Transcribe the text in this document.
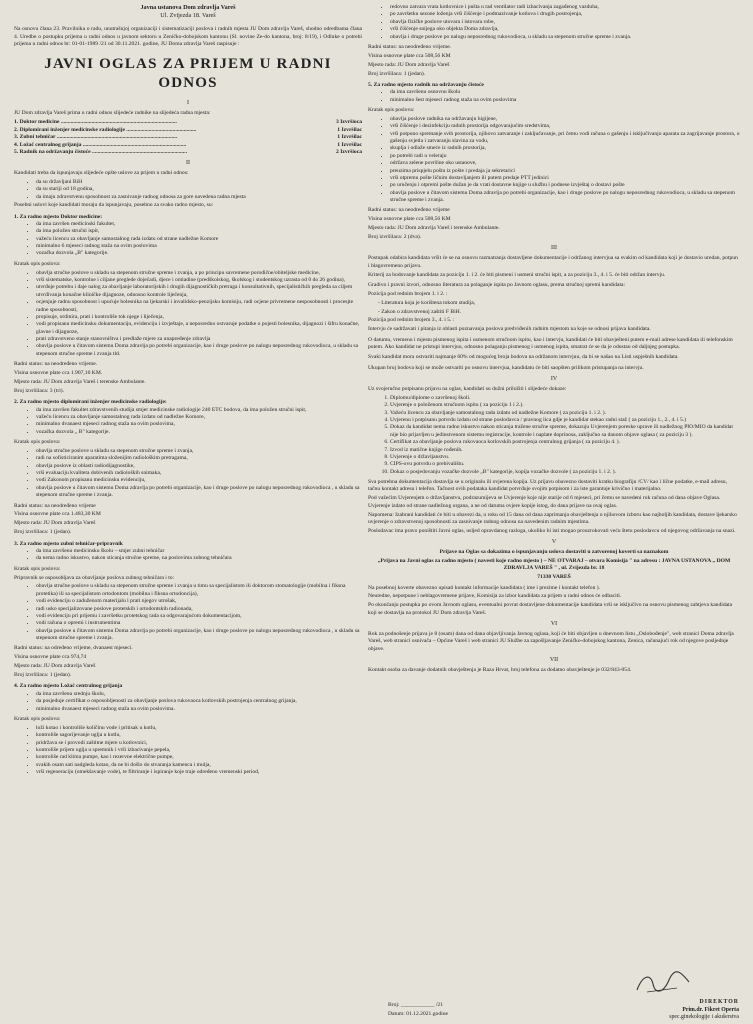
Javna ustanova Dom zdravlja Vareš
Ul. Zvijezda 18. Vareš

Na osnovu člana 23. Pravilnika o radu, unutrašnjoj organizaciji i sistematizaciji poslova i radnih mjesta JU Dom zdravlja Vareš, shodno odredbama člana 4. Uredbe o postupku prijema u radni odnos u javnom sektoru u Zeničko-dobojskom kantonu (Sl. novine Ze-do kantona, broj: 8/19), i Odluke o potrebi prijema u radni odnos br: 01-01-1989 /21 od 30.11.2021. godine, JU Doma zdravlja Vareš raspisuje :

JAVNI OGLAS ZA PRIJEM U RADNI ODNOS
I

JU Dom zdravlja Vareš prima u radni odnos slijedeće radnike na slijedeća radna mjesta:

1. Doktor medicine ...................................................................................	3 Izvršioca
2. Diplomirani inženjer medicinske radiologije ..................................................	1 Izvršilac
3. Zubni tehničar ......................................................................................	1 Izvršilac
4. Ložač centralnog grijanja ..........................................................................	1 Izvršilac
5. Radnik na održavanju čistoće ....................................................................	2 Izvršioca
II

Kandidati treba da ispunjavaju slijedeće opšte uslove za prijem u radni odnos:

• da su državljani BiH
• da su stariji od 18 godina,
• da imaju zdravstvenu sposobnost za zasnivanje radnog odnosa za gore navedena radna mjesta

Posebni uslovi koje kandidati moraju da ispunjavaju, posebno za svako radno mjesto, su:

1. Za radno mjesto Doktor medicine:
• da ima završen medicinski fakultet,
• da ima položen stručni ispit,
• važeću licencu za obavljanje samostalnog rada izdatu od strane nadležne Komore
• minimalno 6 mjeseci radnog staža na ovim poslovima
• vozačka dozvola „B" kategorije.

Kratak opis poslova:

• obavlja stručne poslove u skladu sa stepenom stručne spreme i zvanja, a po principu savremene porodične/obiteljske medicine,
• vrši sistematske, kontrolne i ciljane preglede doječadi, djece i omladine (predškolskog, školskog i studentskog uzrasta od 0 do 26 godina),
• utvrđuje potrebu i daje nalog za obavljanje laboratorijskih i drugih dijagnostičkih pretraga i konsultativnih, specijalističkih pregleda sa ciljem utvrđivanja konačne kliničke dijagnoze, odnosno kontrole liječenja,
• ocjenjuje radnu sposobnost i upućuje bolesnika na ljekarski i invalidsko-penzijsku komisiju, radi ocjene privremene nesposobnosti i procesjte radne sposobnosti,
• propisuje, ordinira, prati i kontroliše tok njege i liječenja,
• vodi propisanu medicinsku dokumentaciju, evidenciju i izvještaje, a neposredno ostvaruje podatke o pojesti bolesnika, dijagnozi i šifru konačne, glavne i dijagnoze,
• prati zdravstveno stanje stanovništva i predlaže mjere za unapređenje zdravlja
• obavlja poslove u čitavom sistemu Doma zdravlja po potrebi organizacije, kao i druge poslove po nalogu neposrednog rukovodioca, u skladu sa stepenom stručne spreme i zvanja tld.

Radni status: na neodređeno vrijeme.

Visina osnovne plate cca 1.907,10 KM.

Mjesto rada: JU Dom zdravlja Vareš i terenske Ambulante.

Broj izvršilaca: 3 (tri).

2. Za radno mjesto diplomirani inženjer medicinske radiologije:
• da ima završen fakultet zdravstvenih studija smjer medicinske radiologije 240 ETC bodova, da ima položen stručni ispit,
• važeću licencu za obavljanje samostalnog rada izdatu od nadležne Komore,
• minimalno dvanaest mjeseci radnog staža na ovim poslovima,
• vozačka dozvola „ B" kategorije.

Kratak opis poslova:

• obavlja stručne poslove u skladu sa stepenom stručne spreme i zvanja,
• radi na sofisticiranim aparatima složenijim radiološkim pretragama,
• obavlja poslove iz oblasti radiodijagnostike,
• vrši evaluaciju kvaliteta dobivenih radioloških snimaka,
• vodi Zakonom propisanu medicinsku evidenciju,
• obavlja poslove u čitavom sistemu Doma zdravlja po potrebi organizacije, kao i druge poslove po nalogu neposrednog rukovodioca , u skladu sa stepenom stručne spreme i zvanja.

Radni status: na neodređeno vrijeme

Visina osnovne plate cca 1.483,30 KM

Mjesto rada: JU Dom zdravlja Vareš

Broj izvršilaca: 1 (jedan).

3. Za radno mjesto zubni tehničar-pripravnik
• da ima završenu medicinsku školu – smjer zubni tehničar
• da nema radno iskustvo, nakon sticanja stručne spreme, na poslovima zubnog tehničara

Kratak opis poslova:

Pripravnik se osposobljava za obavljanje poslova zubnog tehničara i to:

• obavlja stručne poslove u skladu sa stepenom stručne spreme i zvanja u timu sa specijalistom ili doktorom stomatologije (mobilna i fiksna protetika) ili sa specijalistom ortodontom (mobilna i fiksna ortodoncija),
• vodi evidenciju o zaduženom materijalu i prati njegov utrošak,
• radi usko specijalizovane poslove protetskih i ortodontskih radionada,
• vodi evidenciju pri prijemu i završetku protetskog rada sa odgovarajućom dokumentacijom,
• vodi računa o opremi i instrumentima
• obavlja poslove u čitavom sistemu Doma zdravlja po potrebi organizacije, kao i druge poslove po nalogu neposrednog rukovodioca , u skladu sa stepenom stručne spreme i zvanja.

Radni status: na određeno vrijeme, dvanaest mjeseci.

Visina osnovne plate cca 974,74

Mjesto rada: JU Dom zdravlja Vareš

Broj izvršilaca: 1 (jedan).

4. Za radno mjesto Ložač centralnog grijanja
• da ima završenu srednju školu,
• da posjeduje certifikat o osposobljenosti za obavljanje poslova rukovaoca kotlovskih postrojenja centralnog grijanja,
• minimalno dvanaest mjeseci radnog staža na ovim poslovima.

Kratak opis poslova:

• loži kotao i kontroliše količinu vode i pritisak u kotlu,
• kontroliše sagorijevanje uglja u kotlu,
• pridržava se i provodi zaštitne mjere u kotlovnici,
• kontroliše prijem uglja u spremnik i vrši izbacivanje pepela,
• kontroliše rad klima pumpe, kao i rezervne električne pumpe,
• svakih osam sati nadgleda kotao, da ne bi došlo do stvaranja kamenca i mulja,
• vrši regeneraciju (omekšavanje vode), te filtriranje i ispiranje koje traje određeno vremenski period,
• redovno zatvara vrata kotlovnice i pušta u rad ventilator radi izbacivanja zagađenog vazduha,
• po završetku sezone loženja vrši čišćenje i podmazivanje kotlova i drugih postrojenja,
• obavlja fizičke poslove utovara i istovara robe,
• vrši čišćenje snijega oko objekta Doma zdravlja,
• obavlja i druge poslove po nalogu neposrednog rukovodioca, u skladu sa stepenom stručne spreme i zvanja.

Radni status: na neodređeno vrijeme.

Visina osnovne plate cca 508,56 KM

Mjesto rada: JU Dom zdravlja Vareš

Broj izvršilaca: 1 (jedan).

5. Za radno mjesto radnik na održavanju čistoće
• da ima završenu osnovnu školu
• minimalno šest mjeseci radnog staža na ovim poslovima

Kratak opis poslova:

• obavlja poslove radnika na održavanju higijene,
• vrši čišćenje i dezinfekciju radnih prostorija odgovarajućim sredstvima,
• vrši potpuno spremanje svih prostorija, njihovo zatvaranje i zaključavanje, pri čemu vodi računa o gašenju i isključivanju aparata za zagrijavanje prostora, o gašenju svjetla i zatvaranju slavina za vodu,
• skuplja i odlaže smeće iz radnih prostorija,
• po potrebi radi u veleraju
• održava zelene površine oko ustanove,
• preuzima prispjelu poštu iz pošte i predaja ja sekretarici
• vrši otpremu pošte ličnim dostavljanjem ili putem predaje PTT jedinici
• po uručenju i otpremi pošte dužan je da vrati dostavne knjige u službu i podnese izvještaj o dostavi pošte
• obavlja poslove u čitavom sistemu Doma zdravlja po potrebi organizacije, kao i druge poslove po nalogu neposrednog rukovodioca, u skladu sa stepenom stručne spreme i zvanja.

Radni status: na neodređeno vrijeme

Visina osnovne plate cca 508,56 KM

Mjesto rada: JU Dom zdravlja Vareš i terenske Ambulante.

Broj izvršilaca: 2 (dva).

III

Postupak odabira kandidata vršit će se na osnovu razmatranja dostavljene dokumentacije i održanog intervjua sa svakim od kandidata koji je dostavio uredan, potpun i blagovremeno prijavu.

Kriterij za bodovanje kandidata za poziciju 1. i 2. će biti pismeni i usmeni stručni ispit, a za poziciju 3., 4. i 5. će biti održan intervju.

Gradivo i pravni izvori, odnosno literatura za polaganje ispita po Javnom oglasu, prema stručnoj spremi kandidata:

Pozicija pod rednim brojem 1. i 2. :

- Literatura koja je korištena tokom studija,

- Zakon o zdravstvenoj zaštiti F BiH.

Pozicija pod rednim brojem 3., 4. i 5. :

Intervju će sadržavati i pitanja iz oblasti poznavanja poslova predviđenih radnim mjestom na koje se odnosi prijava kandidata.

O datumu, vremenu i mjestu pismenog ispita i usmenom stručnom ispitu, kao i intervju, kandidati će biti obavješteni putem e-mail adrese kandidata ili telefonskim putem. Ako kandidat ne pristupi intervjuu, odnosno polaganju pismenog i usmenog ispita, smatrat će se da je odustao od daljnjeg postupka.

Svaki kandidat mora ostvariti najmanje 60% od mogućeg broja bodova na održanom intervjuu, da bi se našao na Listi uspješnih kandidata.

Ukupan broj bodova koji se može ostvariti po osnovu intervjua, kandidatu će biti saopšten prilikom pristupanja na intervju.

IV

Uz svojeručno potpisanu prijavu na oglas, kandidati su dužni priložiti i slijedeće dokaze:

1. Diplomu/diplome o završenoj školi.
2. Uvjerenje o položenom stručnom ispitu ( za poziciju 1 i 2.).
3. Važeću licencu za obavljanje samostalnog rada izdatu od nadležne Komore ( za poziciju 1. i 2. ).
4. Uvjerenu i potpisanu potvrdu izdatu od strane poslodavca / pravnog lica gdje je kandidat stekao radni staž ( za poziciju 1., 2., 4. i 5.)
5. Dokaz da kandidat nema radno iskustvo nakon sticanja tražene stručne spreme, dokazuju Uvjerenjem poreske uprave ili nadležnog PIO/MIO da kandidat nije bio prijavljen u jedinstvenom sistemu registracije, kontrole i naplate doprinosa, zaključno sa danom objave oglasa ( za poziciju 3 ).
6. Certifikat za obavljanje poslova rukovaoca kotlovskih postrojenja centralnog grijanja ( za poziciju 4. ).
7. Izvod iz matične knjige rođenih.
8. Uvjerenje o državljanstvu.
9. CIPS-ovu potvrdu o prebivalištu.
10. Dokaz o posjedovanju vozačke dozvole „B" kategorije, kopija vozačke dozvole ( za poziciju 1. i 2. ).

Sva potrebna dokumentacija dostavlja se u originalu ili ovjerena kopija. Uz prijavu obavezno dostaviti kratku biografiju /CV/ kao i lične podatke, e-mail adresu, tačnu kontakt adresu i telefon. Tačnost ovih podataka kandidat potvrđuje svojim potpisom i za iste garantuje krivično i materijalno.

Pod važećim Uvjerenjem o državljanstvu, podrazumijeva se Uvjerenje koje nije starije od 6 mjeseci, pri čemu se navedeni rok računa od dana objave Oglasa. Uvjerenje izdato od strane nadležnog organa, a ne od datuma ovjere kopije istog, do dana prijave na ovaj oglas.

Napomena: Izabrani kandidati će biti u obavezi da, u roku od 15 dana od dana zaprimanja obavještenja o njihovom izboru kao najboljih kandidata, dostave ljekarsko uvjerenje o zdravstvenoj sposobnosti za zasnivanje radnog odnosa na navedenim radnim mjestima.

Poslodavac ima pravo poništiti Javni oglas, usljed opravdanog razloga, ukoliko bi isti mogao prouzrokovati veću štetu poslodavcu od njegovog održavanja na snazi.

V

Prijave na Oglas sa dokazima o ispunjavanju uslova dostaviti u zatvorenoj koverti sa naznakom

„Prijava na Javni oglas za radno mjesto ( navesti koje radno mjesto ) – NE OTVARAJ – otvara Komisija " na adresu : JAVNA USTANOVA „ DOM ZDRAVLJA VAREŠ " , ul. Zvijezda br. 18

71330 VAREŠ

Na posebnoj koverte obavezno upisati kontakt informacije kandidata ( ime i prezime i kontakt telefon ).

Neuredne, nepotpune i neblagovremene prijave, Komisija za izbor kandidata za prijem u radni odnos će odbaciti.

Po okončanju postupka po ovom Javnom oglasu, eventualni povrat dostavljene dokumentacije kandidata vrši se isključivo na osnovu pismenog zahtjeva kandidata koji se dostavlja na protokol JU Dom zdravlja Vareš.

VI

Rok za podnošenje prijava je 8 (osam) dana od dana objavljivanja Javnog oglasa, koji će biti objavljen u dnevnom listu „Oslobođenje", web stranici Doma zdravlja Vareš, web stranici osnivača – Općine Vareš i web stranici JU Službe za zapošljavanje Zeničko-dobojskog kantona, Zenica, računajući rok od njegove posljednje objave.

VII

Kontakt osoba za davanje dodatnih obavještenja je Raza Hrvat, broj telefona za dodatno obavještenje je 032/843-054.

Broj: ____________ /21

Datum: 01.12.2021.godine

DIREKTOR
Prim.dr. Fikret Operta
spec.ginekologije i akušerstva
